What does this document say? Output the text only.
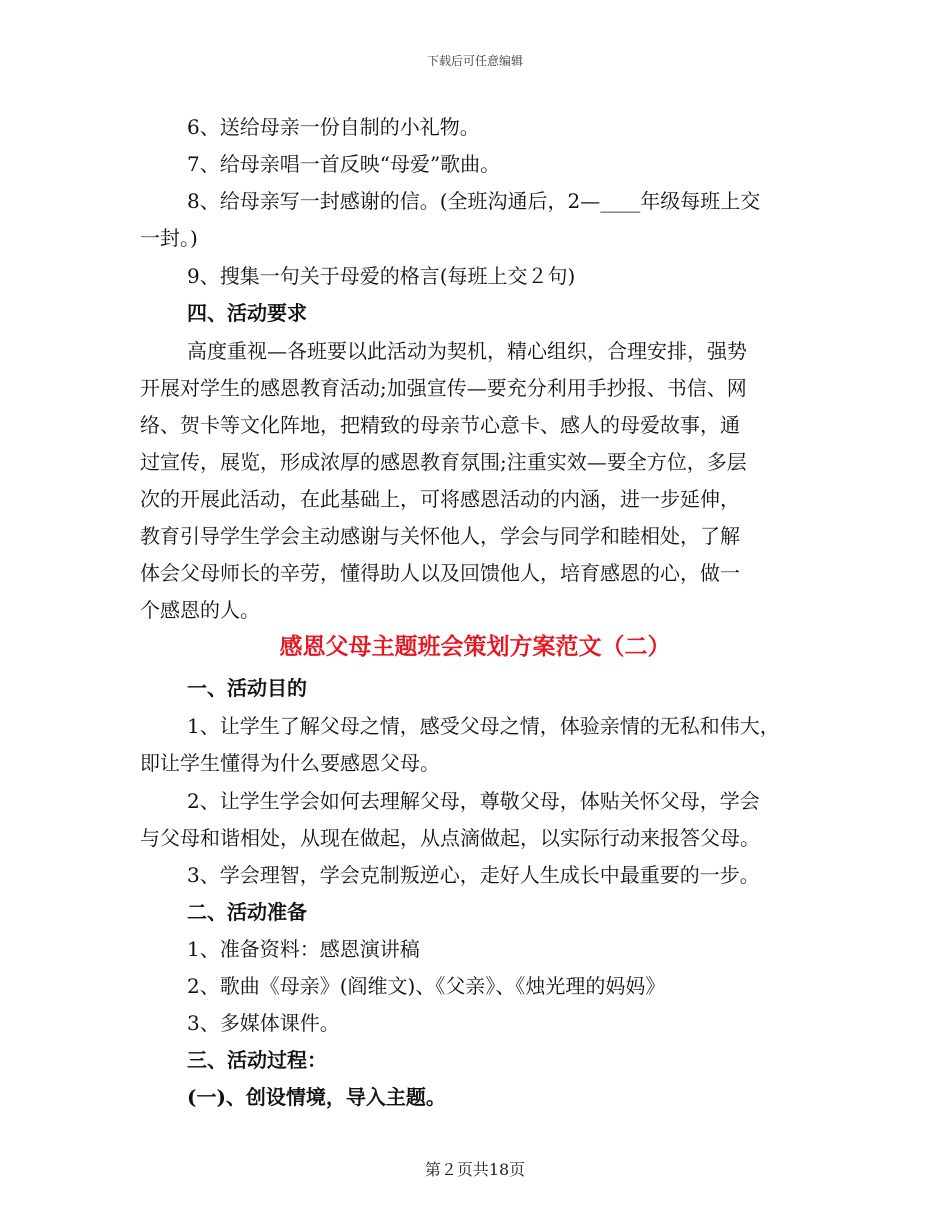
下载后可任意编辑
6、送给母亲一份自制的小礼物。
7、给母亲唱一首反映“母爱”歌曲。
8、给母亲写一封感谢的信。(全班沟通后，2—____年级每班上交
一封。)
9、搜集一句关于母爱的格言(每班上交２句)
四、活动要求
高度重视—各班要以此活动为契机，精心组织，合理安排，强势
开展对学生的感恩教育活动;加强宣传—要充分利用手抄报、书信、网
络、贺卡等文化阵地，把精致的母亲节心意卡、感人的母爱故事，通
过宣传，展览，形成浓厚的感恩教育氛围;注重实效—要全方位，多层
次的开展此活动，在此基础上，可将感恩活动的内涵，进一步延伸，
教育引导学生学会主动感谢与关怀他人，学会与同学和睦相处，了解
体会父母师长的辛劳，懂得助人以及回馈他人，培育感恩的心，做一
个感恩的人。
感恩父母主题班会策划方案范文（二）
一、活动目的
1、让学生了解父母之情，感受父母之情，体验亲情的无私和伟大，
即让学生懂得为什么要感恩父母。
2、让学生学会如何去理解父母，尊敬父母，体贴关怀父母，学会
与父母和谐相处，从现在做起，从点滴做起，以实际行动来报答父母。
3、学会理智，学会克制叛逆心，走好人生成长中最重要的一步。
二、活动准备
1、准备资料：感恩演讲稿
2、歌曲《母亲》(阎维文)、《父亲》、《烛光理的妈妈》
3、多媒体课件。
三、活动过程：
(一)、创设情境，导入主题。
第２页共18页
